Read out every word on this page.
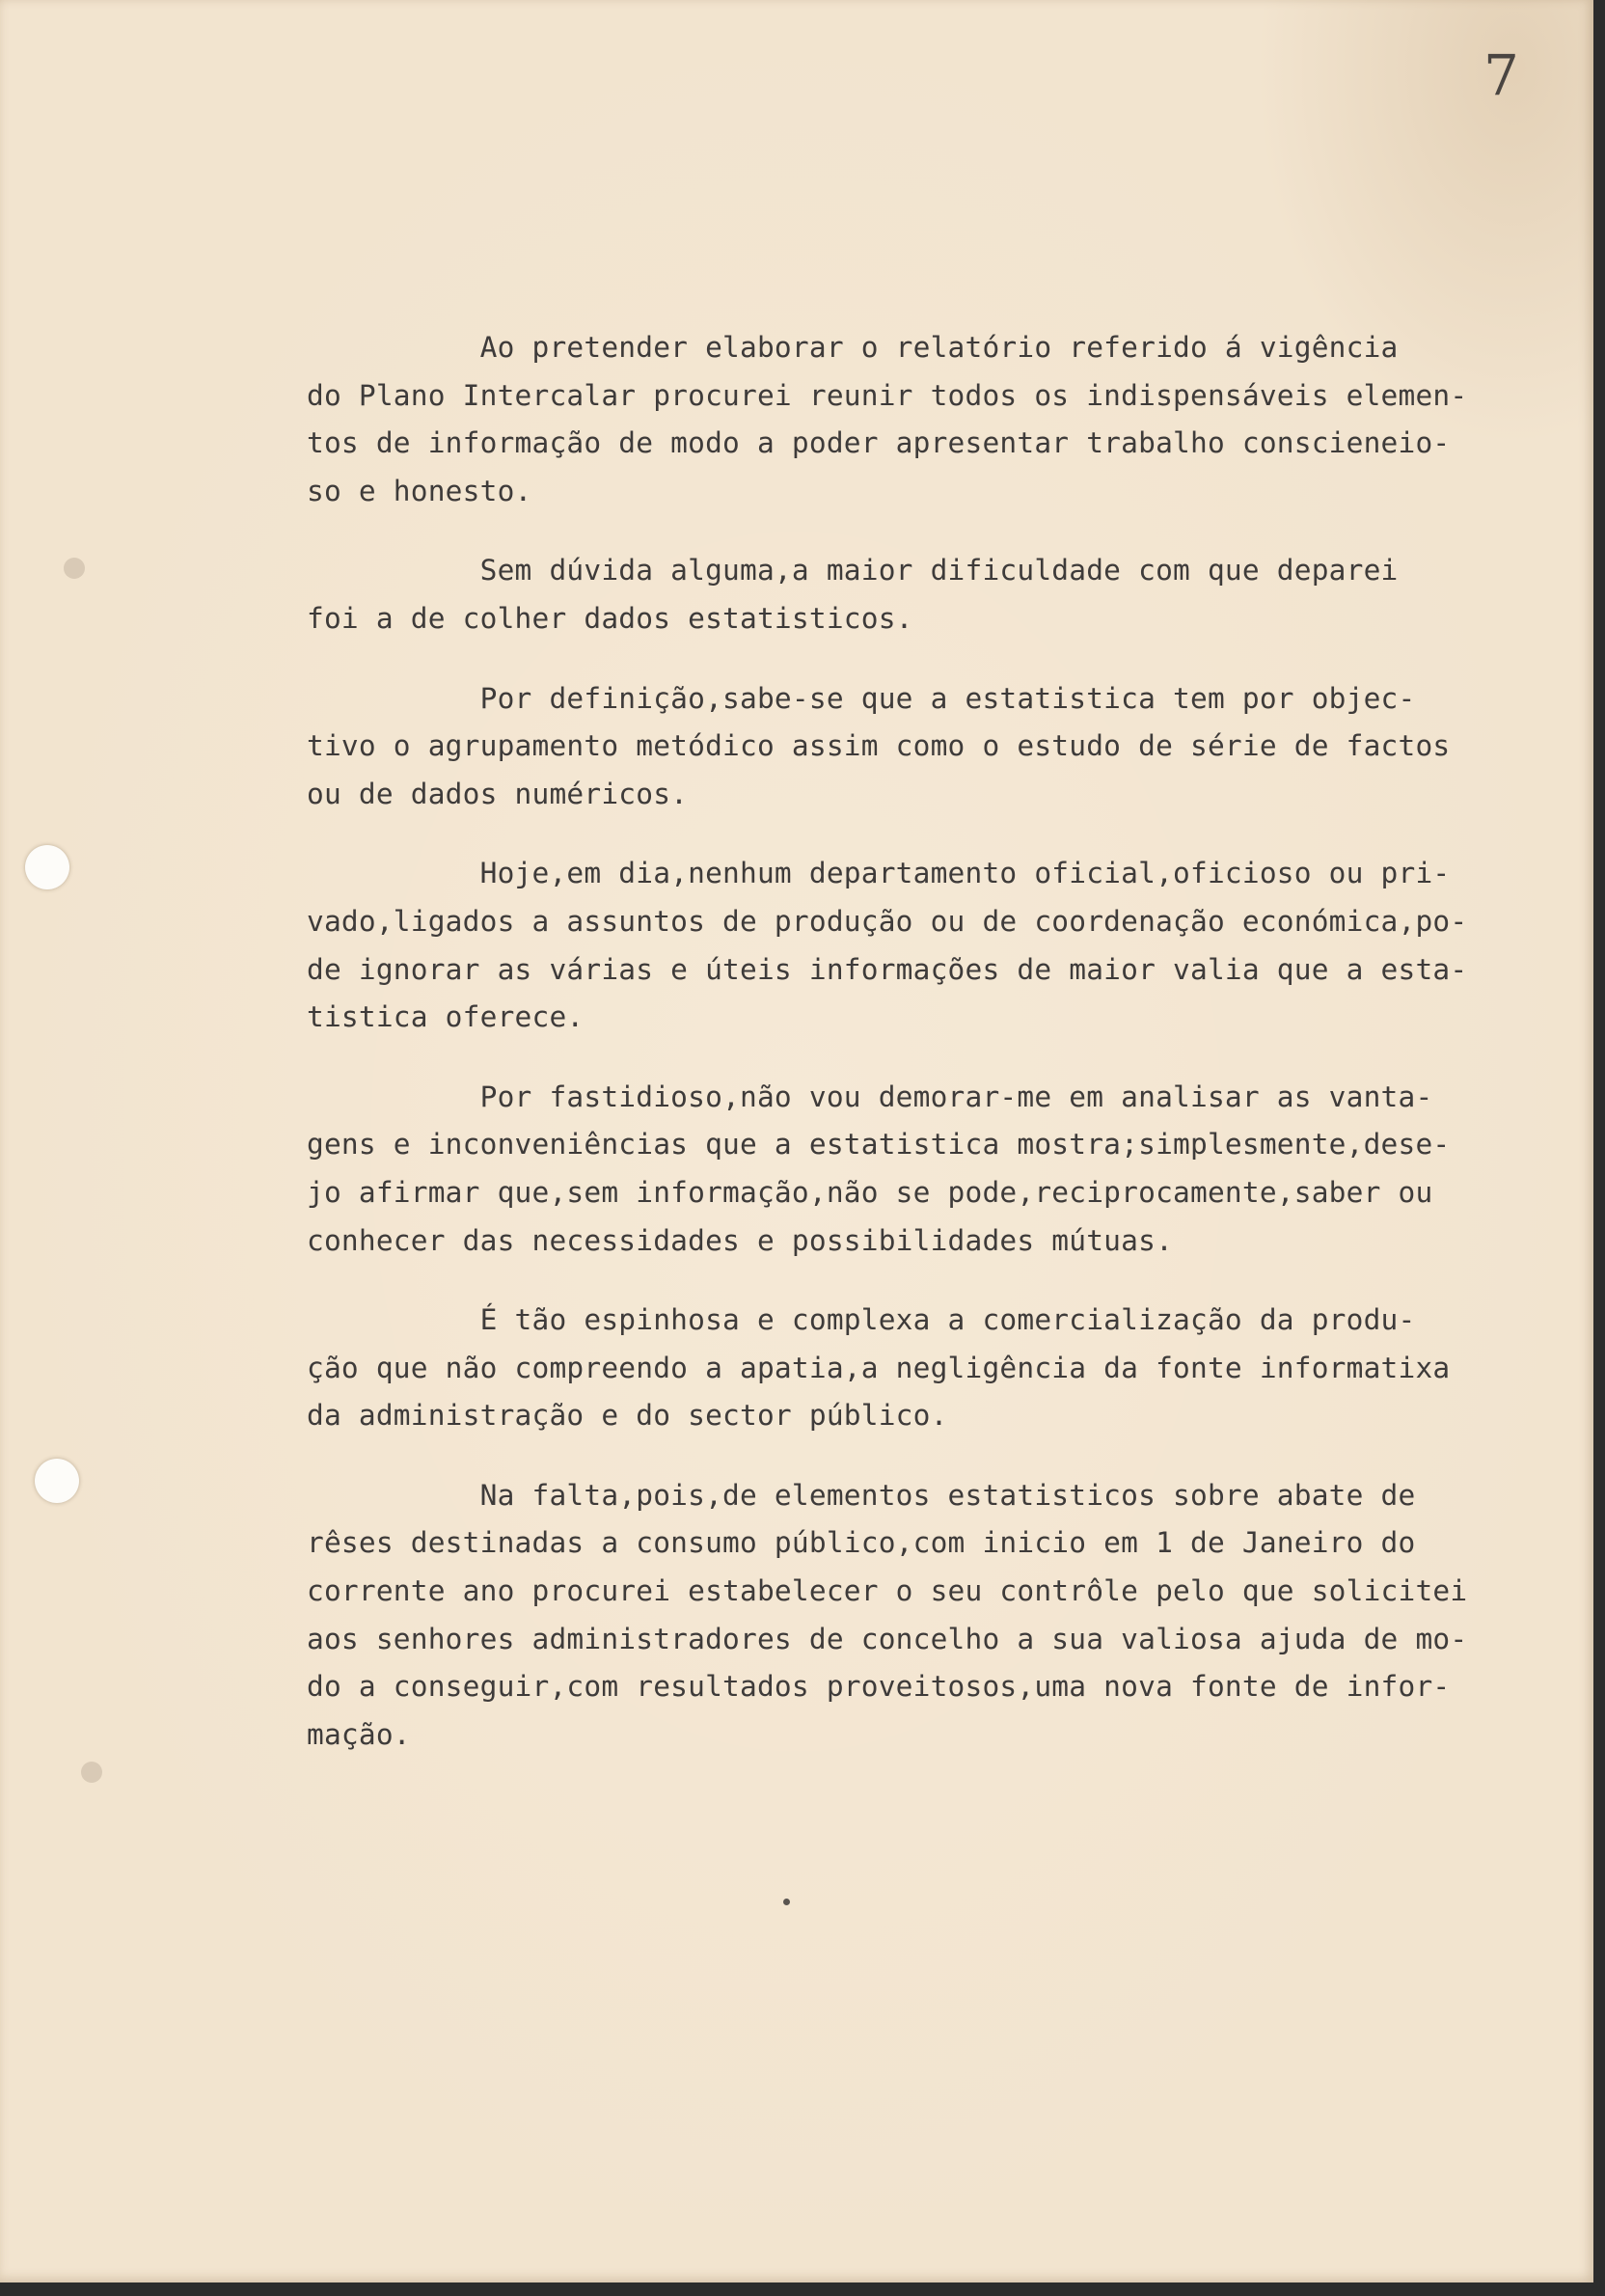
7
Ao pretender elaborar o relatório referido á vigência
do Plano Intercalar procurei reunir todos os indispensáveis elemen-
tos de informação de modo a poder apresentar trabalho conscieneio-
so e honesto.
Sem dúvida alguma,a maior dificuldade com que deparei
foi a de colher dados estatisticos.
Por definição,sabe-se que a estatistica tem por objec-
tivo o agrupamento metódico assim como o estudo de série de factos
ou de dados numéricos.
Hoje,em dia,nenhum departamento oficial,oficioso ou pri-
vado,ligados a assuntos de produção ou de coordenação económica,po-
de ignorar as várias e úteis informações de maior valia que a esta-
tistica oferece.
Por fastidioso,não vou demorar-me em analisar as vanta-
gens e inconveniências que a estatistica mostra;simplesmente,dese-
jo afirmar que,sem informação,não se pode,reciprocamente,saber ou
conhecer das necessidades e possibilidades mútuas.
É tão espinhosa e complexa a comercialização da produ-
ção que não compreendo a apatia,a negligência da fonte informatixa
da administração e do sector público.
Na falta,pois,de elementos estatisticos sobre abate de
rêses destinadas a consumo público,com inicio em 1 de Janeiro do
corrente ano procurei estabelecer o seu contrôle pelo que solicitei
aos senhores administradores de concelho a sua valiosa ajuda de mo-
do a conseguir,com resultados proveitosos,uma nova fonte de infor-
mação.
